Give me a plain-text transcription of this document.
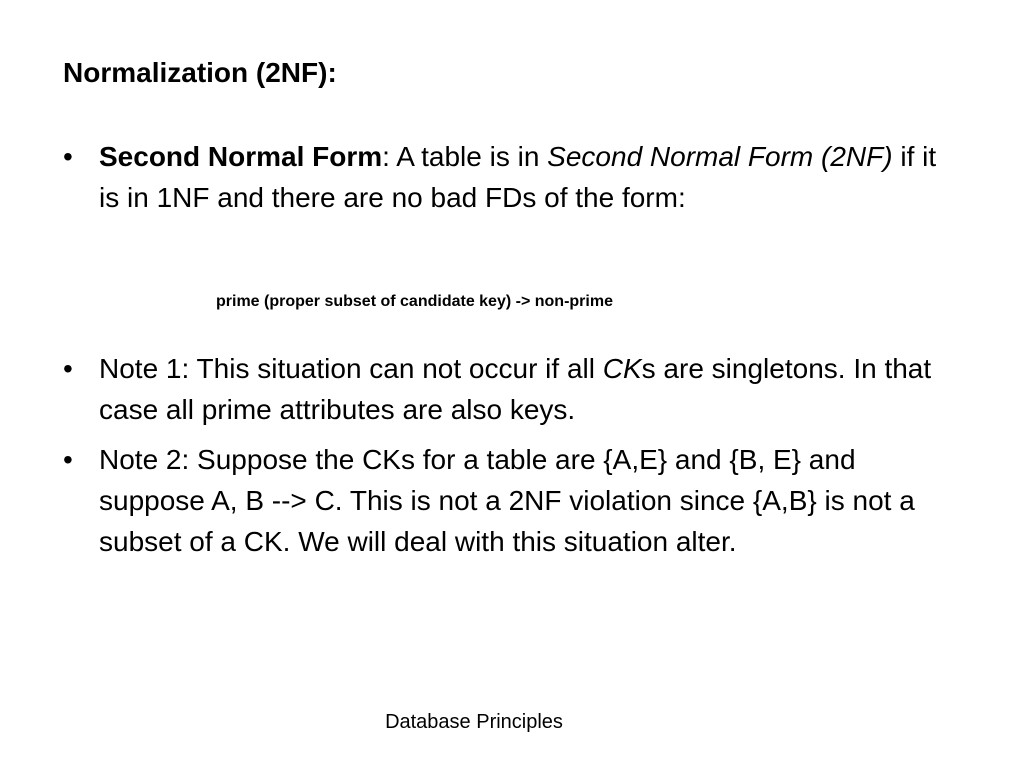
Normalization (2NF):
• Second Normal Form: A table is in Second Normal Form (2NF) if it is in 1NF and there are no bad FDs of the form:
prime (proper subset of candidate key) -> non-prime
• Note 1: This situation can not occur if all CKs are singletons. In that case all prime attributes are also keys.
• Note 2: Suppose the CKs for a table are {A,E} and {B, E} and suppose A, B --> C. This is not a 2NF violation since {A,B} is not a subset of a CK. We will deal with this situation alter.
Database Principles
